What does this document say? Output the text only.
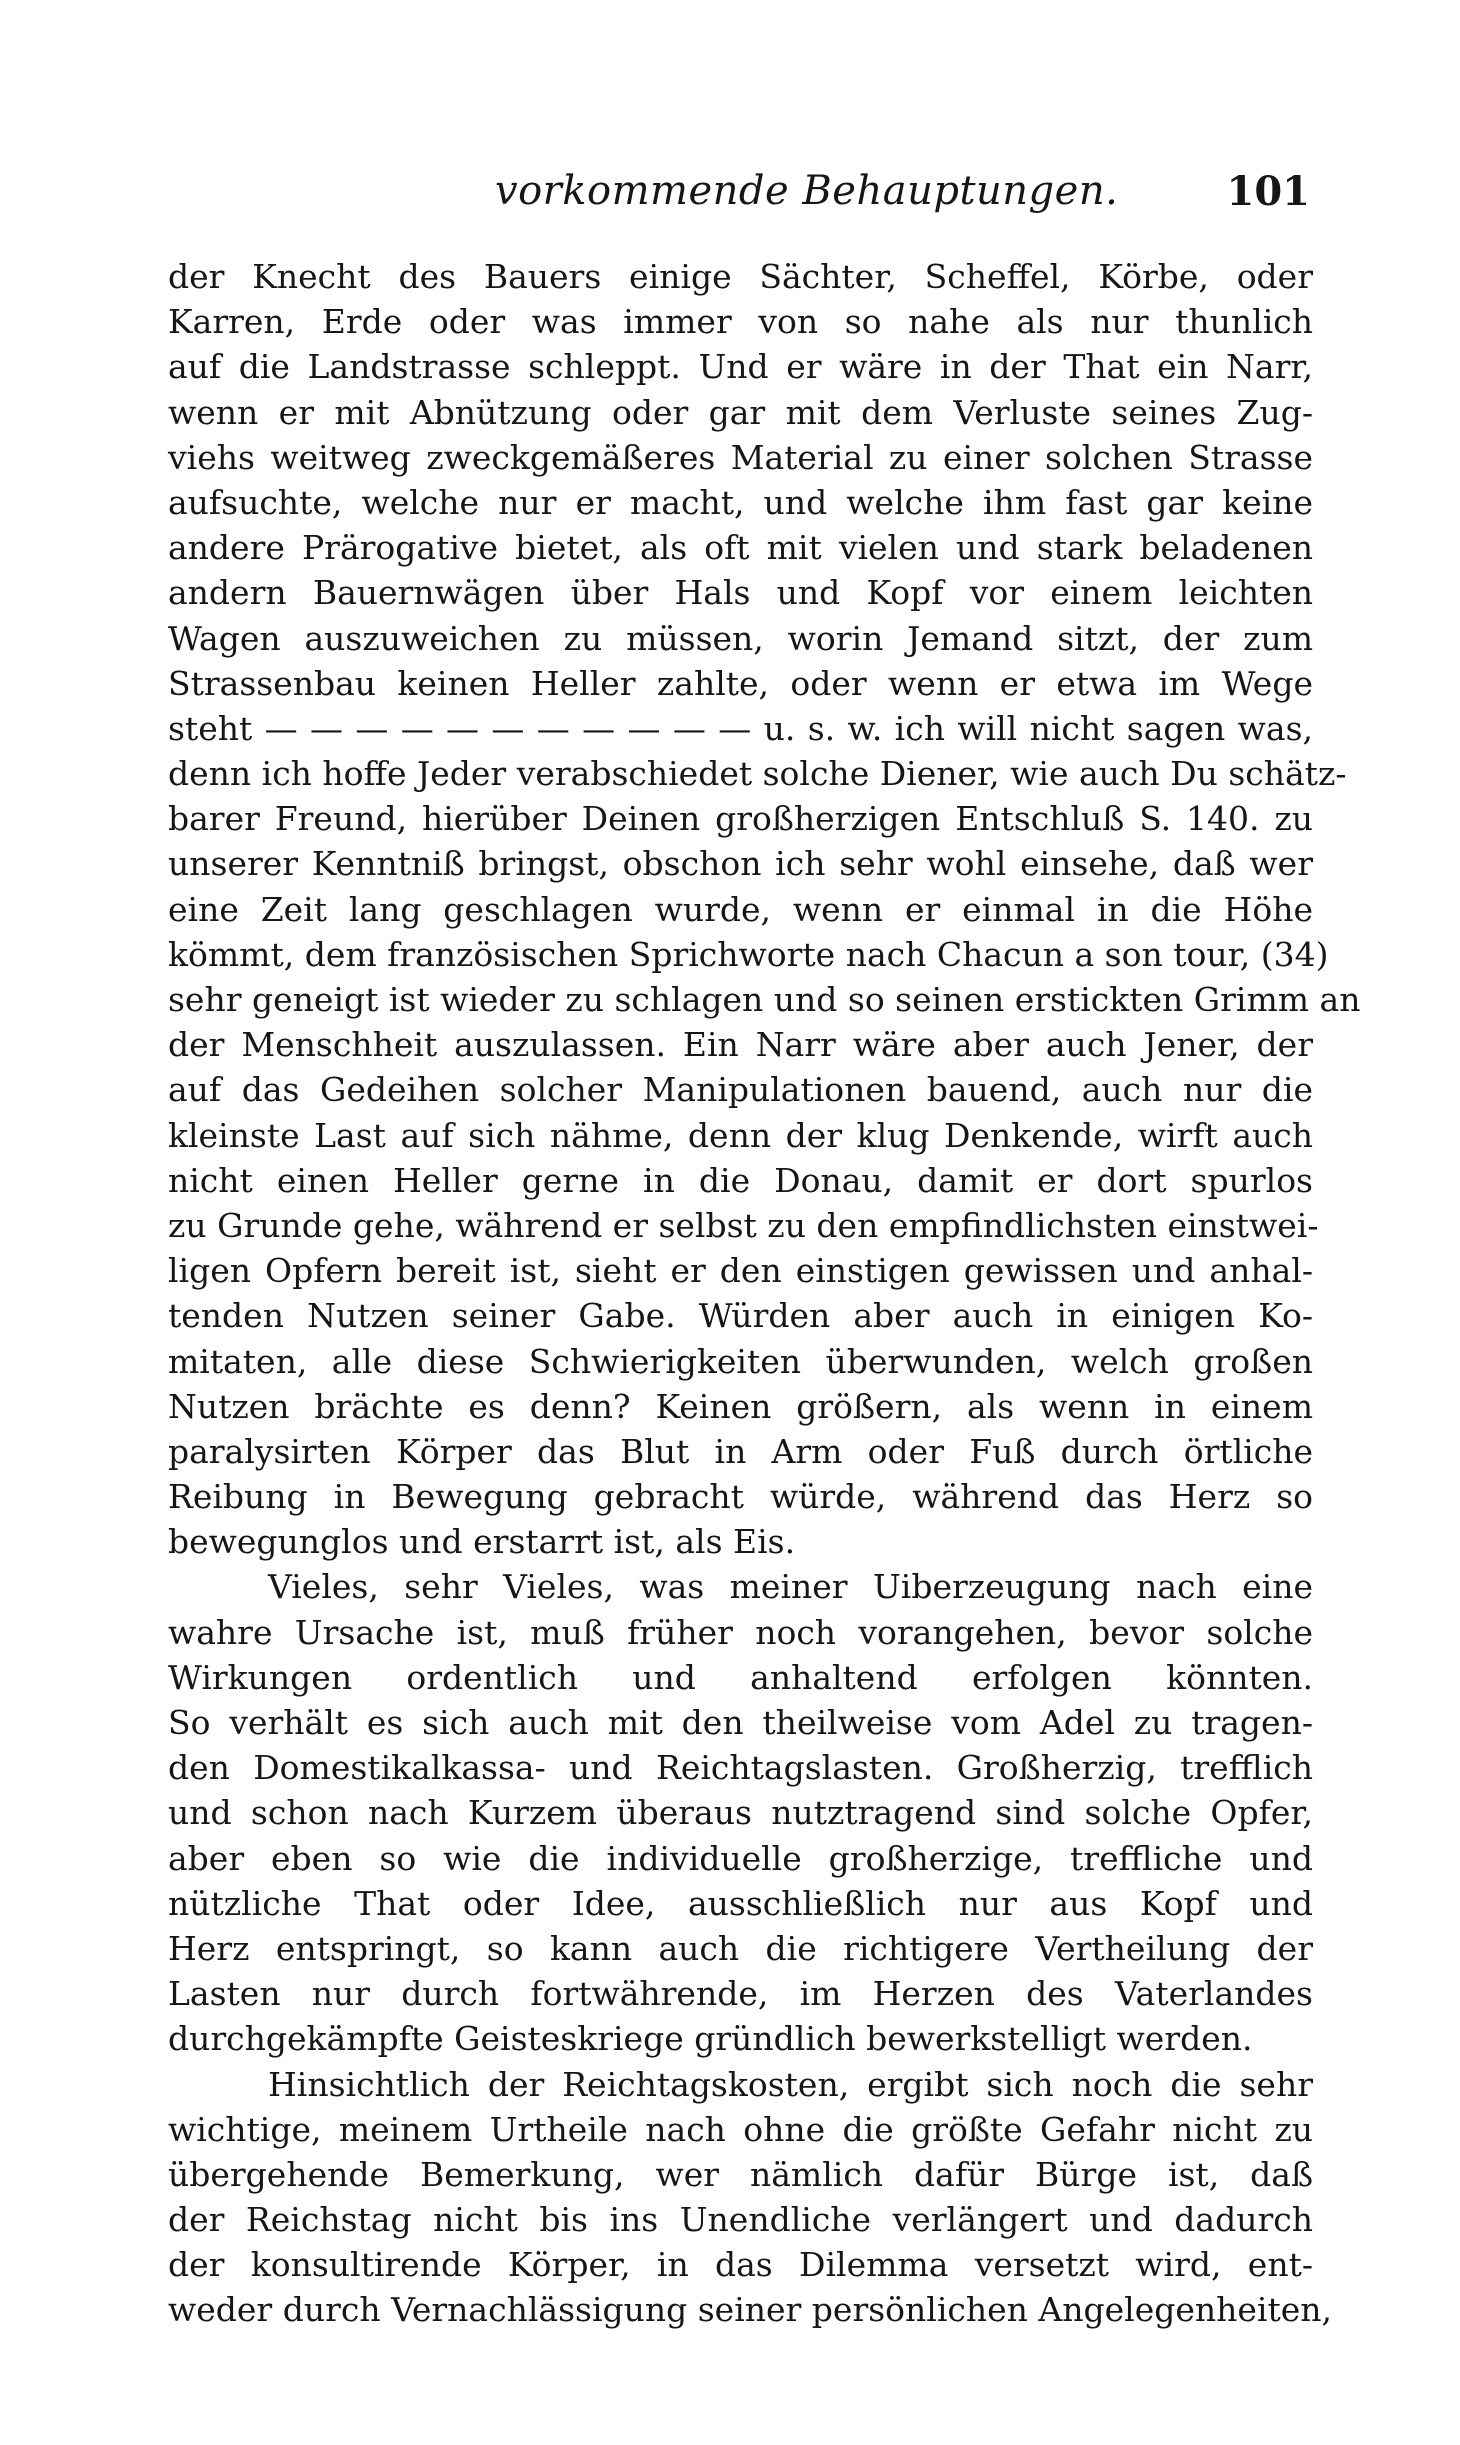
vorkommende Behauptungen.	101
der Knecht des Bauers einige Sächter, Scheffel, Körbe, oder
Karren, Erde oder was immer von so nahe als nur thunlich
auf die Landstrasse schleppt. Und er wäre in der That ein Narr,
wenn er mit Abnützung oder gar mit dem Verluste seines Zug-
viehs weitweg zweckgemäßeres Material zu einer solchen Strasse
aufsuchte, welche nur er macht, und welche ihm fast gar keine
andere Prärogative bietet, als oft mit vielen und stark beladenen
andern Bauernwägen über Hals und Kopf vor einem leichten
Wagen auszuweichen zu müssen, worin Jemand sitzt, der zum
Strassenbau keinen Heller zahlte, oder wenn er etwa im Wege
steht — — — — — — — — — — — u. s. w. ich will nicht sagen was,
denn ich hoffe Jeder verabschiedet solche Diener, wie auch Du schätz-
barer Freund, hierüber Deinen großherzigen Entschluß S. 140. zu
unserer Kenntniß bringst, obschon ich sehr wohl einsehe, daß wer
eine Zeit lang geschlagen wurde, wenn er einmal in die Höhe
kömmt, dem französischen Sprichworte nach Chacun a son tour, (34)
sehr geneigt ist wieder zu schlagen und so seinen erstickten Grimm an
der Menschheit auszulassen. Ein Narr wäre aber auch Jener, der
auf das Gedeihen solcher Manipulationen bauend, auch nur die
kleinste Last auf sich nähme, denn der klug Denkende, wirft auch
nicht einen Heller gerne in die Donau, damit er dort spurlos
zu Grunde gehe, während er selbst zu den empfindlichsten einstwei-
ligen Opfern bereit ist, sieht er den einstigen gewissen und anhal-
tenden Nutzen seiner Gabe. Würden aber auch in einigen Ko-
mitaten, alle diese Schwierigkeiten überwunden, welch großen
Nutzen brächte es denn? Keinen größern, als wenn in einem
paralysirten Körper das Blut in Arm oder Fuß durch örtliche
Reibung in Bewegung gebracht würde, während das Herz so
bewegunglos und erstarrt ist, als Eis.
Vieles, sehr Vieles, was meiner Uiberzeugung nach eine
wahre Ursache ist, muß früher noch vorangehen, bevor solche
Wirkungen ordentlich und anhaltend erfolgen könnten.
So verhält es sich auch mit den theilweise vom Adel zu tragen-
den Domestikalkassa- und Reichtagslasten. Großherzig, trefflich
und schon nach Kurzem überaus nutztragend sind solche Opfer,
aber eben so wie die individuelle großherzige, treffliche und
nützliche That oder Idee, ausschließlich nur aus Kopf und
Herz entspringt, so kann auch die richtigere Vertheilung der
Lasten nur durch fortwährende, im Herzen des Vaterlandes
durchgekämpfte Geisteskriege gründlich bewerkstelligt werden.
Hinsichtlich der Reichtagskosten, ergibt sich noch die sehr
wichtige, meinem Urtheile nach ohne die größte Gefahr nicht zu
übergehende Bemerkung, wer nämlich dafür Bürge ist, daß
der Reichstag nicht bis ins Unendliche verlängert und dadurch
der konsultirende Körper, in das Dilemma versetzt wird, ent-
weder durch Vernachlässigung seiner persönlichen Angelegenheiten,
